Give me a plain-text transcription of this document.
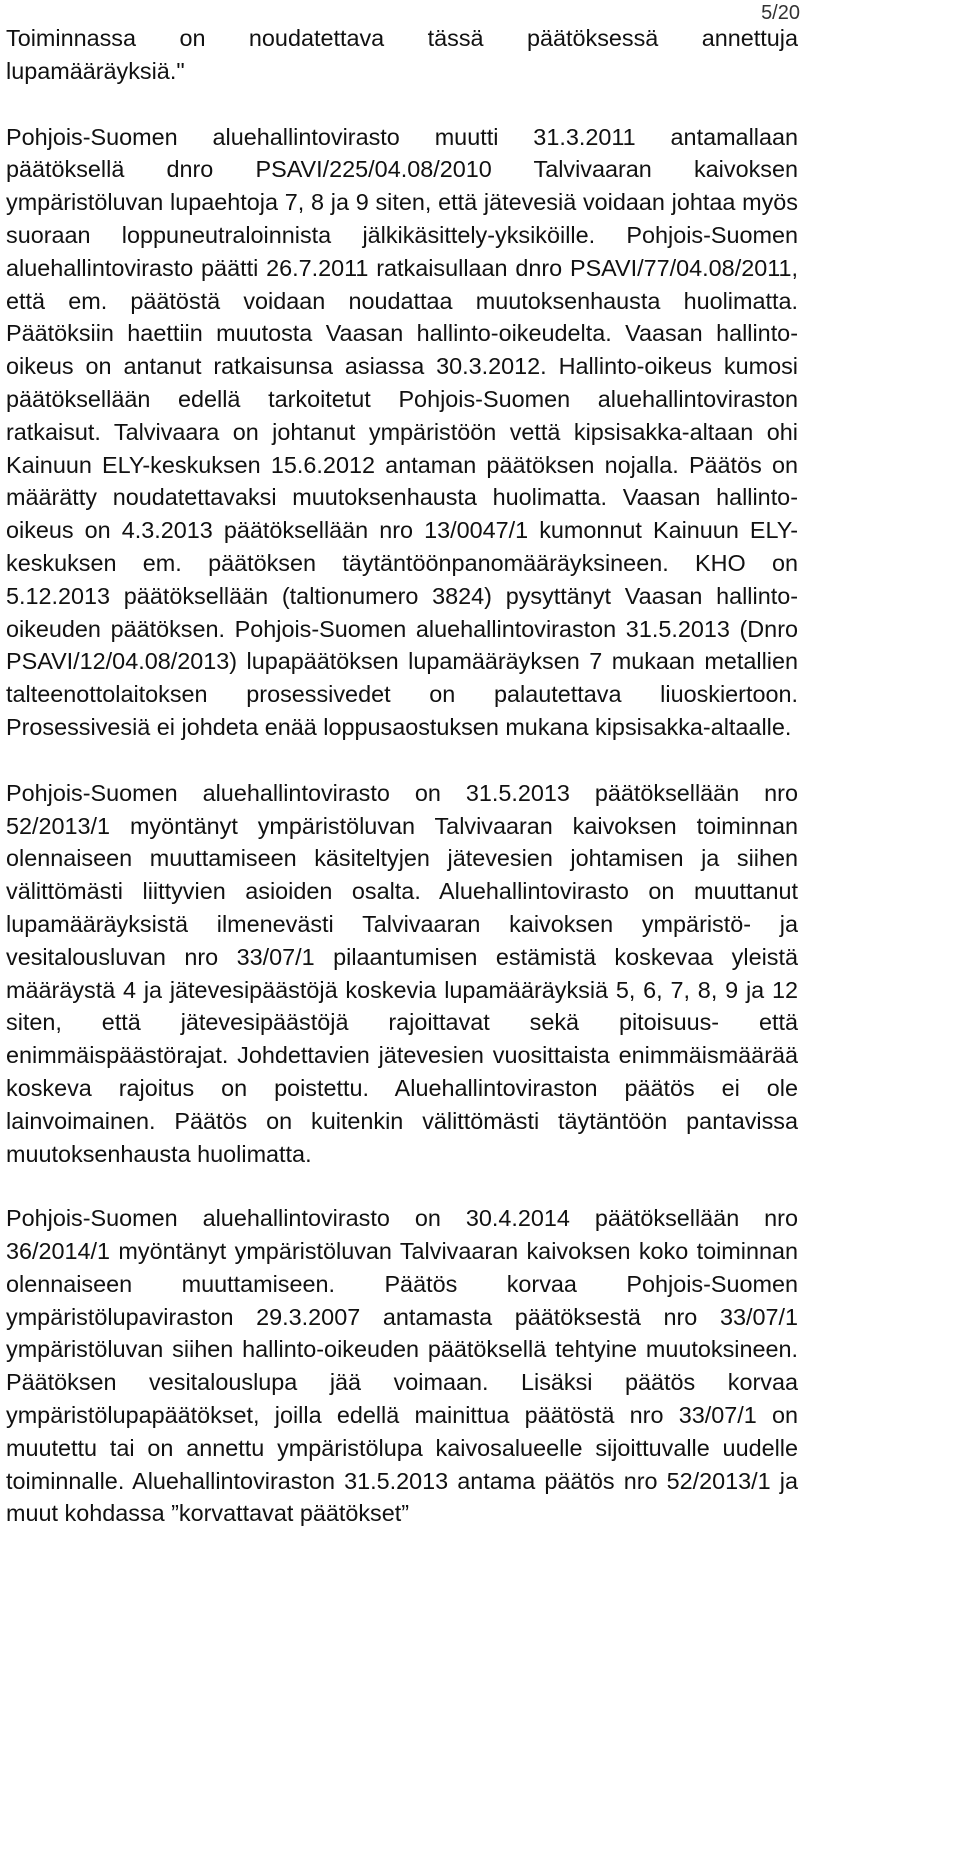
5/20

Toiminnassa on noudatettava tässä päätöksessä annettuja lupamääräyksiä."

Pohjois-Suomen aluehallintovirasto muutti 31.3.2011 antamallaan päätöksellä dnro PSAVI/225/04.08/2010 Talvivaaran kaivoksen ympäristöluvan lupaehtoja 7, 8 ja 9 siten, että jätevesiä voidaan johtaa myös suoraan loppuneutraloinnista jälkikäsittely-yksiköille. Pohjois-Suomen aluehallintovirasto päätti 26.7.2011 ratkaisullaan dnro PSAVI/77/04.08/2011, että em. päätöstä voidaan noudattaa muutoksenhausta huolimatta. Päätöksiin haettiin muutosta Vaasan hallinto-oikeudelta. Vaasan hallinto-oikeus on antanut ratkaisunsa asiassa 30.3.2012. Hallinto-oikeus kumosi päätöksellään edellä tarkoitetut Pohjois-Suomen aluehallintoviraston ratkaisut. Talvivaara on johtanut ympäristöön vettä kipsisakka-altaan ohi Kainuun ELY-keskuksen 15.6.2012 antaman päätöksen nojalla. Päätös on määrätty noudatettavaksi muutoksenhausta huolimatta. Vaasan hallinto-oikeus on 4.3.2013 päätöksellään nro 13/0047/1 kumonnut Kainuun ELY-keskuksen em. päätöksen täytäntöönpanomääräyksineen. KHO on 5.12.2013 päätöksellään (taltionumero 3824) pysyttänyt Vaasan hallinto-oikeuden päätöksen. Pohjois-Suomen aluehallintoviraston 31.5.2013 (Dnro PSAVI/12/04.08/2013) lupapäätöksen lupamääräyksen 7 mukaan metallien talteenottolaitoksen prosessivedet on palautettava liuoskiertoon. Prosessivesiä ei johdeta enää loppusaostuksen mukana kipsisakka-altaalle.

Pohjois-Suomen aluehallintovirasto on 31.5.2013 päätöksellään nro 52/2013/1 myöntänyt ympäristöluvan Talvivaaran kaivoksen toiminnan olennaiseen muuttamiseen käsiteltyjen jätevesien johtamisen ja siihen välittömästi liittyvien asioiden osalta. Aluehallintovirasto on muuttanut lupamääräyksistä ilmenevästi Talvivaaran kaivoksen ympäristö- ja vesitalousluvan nro 33/07/1 pilaantumisen estämistä koskevaa yleistä määräystä 4 ja jätevesipäästöjä koskevia lupamääräyksiä 5, 6, 7, 8, 9 ja 12 siten, että jätevesipäästöjä rajoittavat sekä pitoisuus- että enimmäispäästörajat. Johdettavien jätevesien vuosittaista enimmäismäärää koskeva rajoitus on poistettu. Aluehallintoviraston päätös ei ole lainvoimainen. Päätös on kuitenkin välittömästi täytäntöön pantavissa muutoksenhausta huolimatta.

Pohjois-Suomen aluehallintovirasto on 30.4.2014 päätöksellään nro 36/2014/1 myöntänyt ympäristöluvan Talvivaaran kaivoksen koko toiminnan olennaiseen muuttamiseen. Päätös korvaa Pohjois-Suomen ympäristölupaviraston 29.3.2007 antamasta päätöksestä nro 33/07/1 ympäristöluvan siihen hallinto-oikeuden päätöksellä tehtyine muutoksineen. Päätöksen vesitalouslupa jää voimaan. Lisäksi päätös korvaa ympäristölupapäätökset, joilla edellä mainittua päätöstä nro 33/07/1 on muutettu tai on annettu ympäristölupa kaivosalueelle sijoittuvalle uudelle toiminnalle. Aluehallintoviraston 31.5.2013 antama päätös nro 52/2013/1 ja muut kohdassa ”korvattavat päätökset”
